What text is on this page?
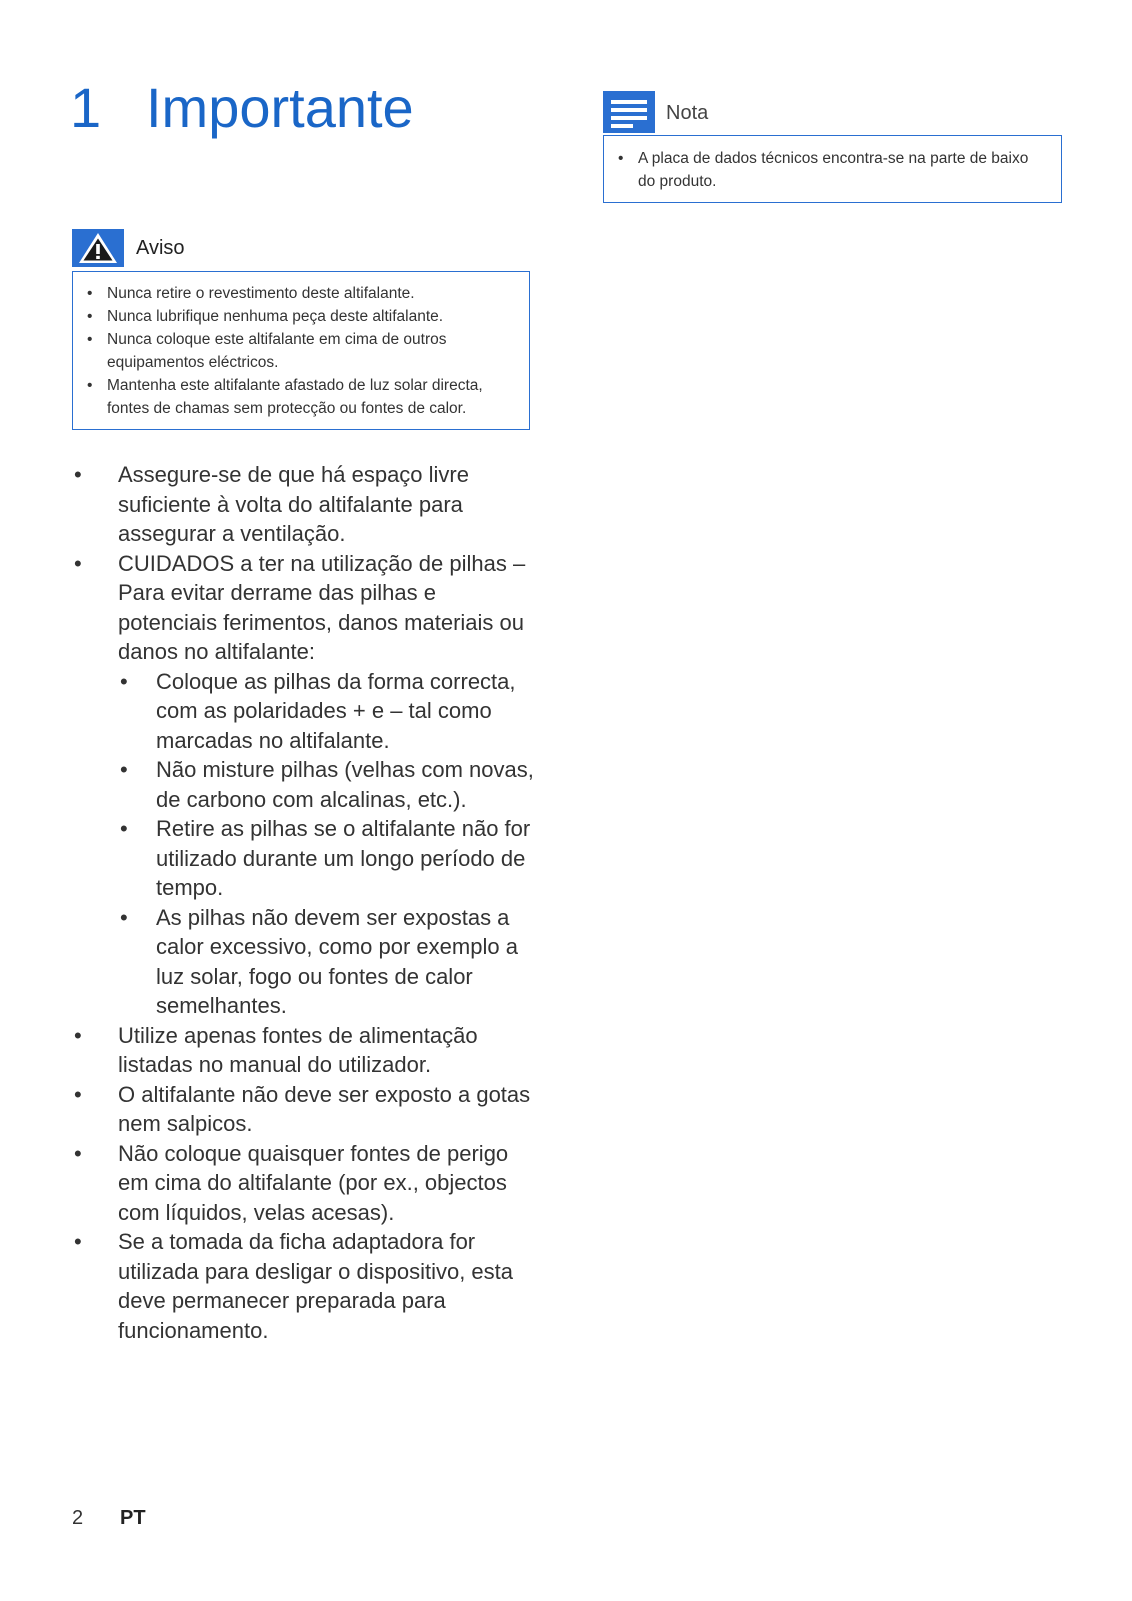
1 Importante
Aviso
• Nunca retire o revestimento deste altifalante.
• Nunca lubrifique nenhuma peça deste altifalante.
• Nunca coloque este altifalante em cima de outros equipamentos eléctricos.
• Mantenha este altifalante afastado de luz solar directa, fontes de chamas sem protecção ou fontes de calor.
Nota
• A placa de dados técnicos encontra-se na parte de baixo do produto.
• Assegure-se de que há espaço livre suficiente à volta do altifalante para assegurar a ventilação.
• CUIDADOS a ter na utilização de pilhas – Para evitar derrame das pilhas e potenciais ferimentos, danos materiais ou danos no altifalante:
• Coloque as pilhas da forma correcta, com as polaridades + e – tal como marcadas no altifalante.
• Não misture pilhas (velhas com novas, de carbono com alcalinas, etc.).
• Retire as pilhas se o altifalante não for utilizado durante um longo período de tempo.
• As pilhas não devem ser expostas a calor excessivo, como por exemplo a luz solar, fogo ou fontes de calor semelhantes.
• Utilize apenas fontes de alimentação listadas no manual do utilizador.
• O altifalante não deve ser exposto a gotas nem salpicos.
• Não coloque quaisquer fontes de perigo em cima do altifalante (por ex., objectos com líquidos, velas acesas).
• Se a tomada da ficha adaptadora for utilizada para desligar o dispositivo, esta deve permanecer preparada para funcionamento.
2 PT
